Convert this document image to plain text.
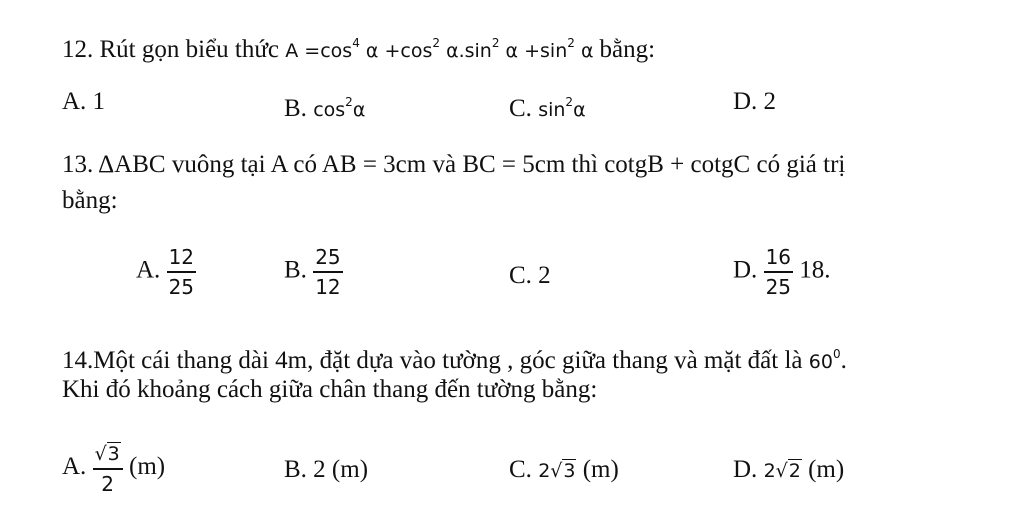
12. Rút gọn biểu thức $A =\cos^4$ $\alpha +\cos^2$ $\alpha.\sin^2$ $\alpha +\sin^2$ α bằng:
A. 1	B. $\cos^2\alpha$	C. $\sin^2\alpha$	D. 2
13. ΔABC vuông tại A có AB = 3cm và BC = 5cm thì cotgB + cotgC có giá trị
bằng:
A. $\frac{12}{25}$	B. $\frac{25}{12}$	C. 2	D. $\frac{16}{25} 18$.
14.Một cái thang dài 4m, đặt dựa vào tường , góc giữa thang và mặt đất là $60^0$.
Khi đó khoảng cách giữa chân thang đến tường bằng:
A. $\frac{√3}{2} (m)$	B. 2 (m)	C. 2√3 (m)	D. 2√2 (m)
